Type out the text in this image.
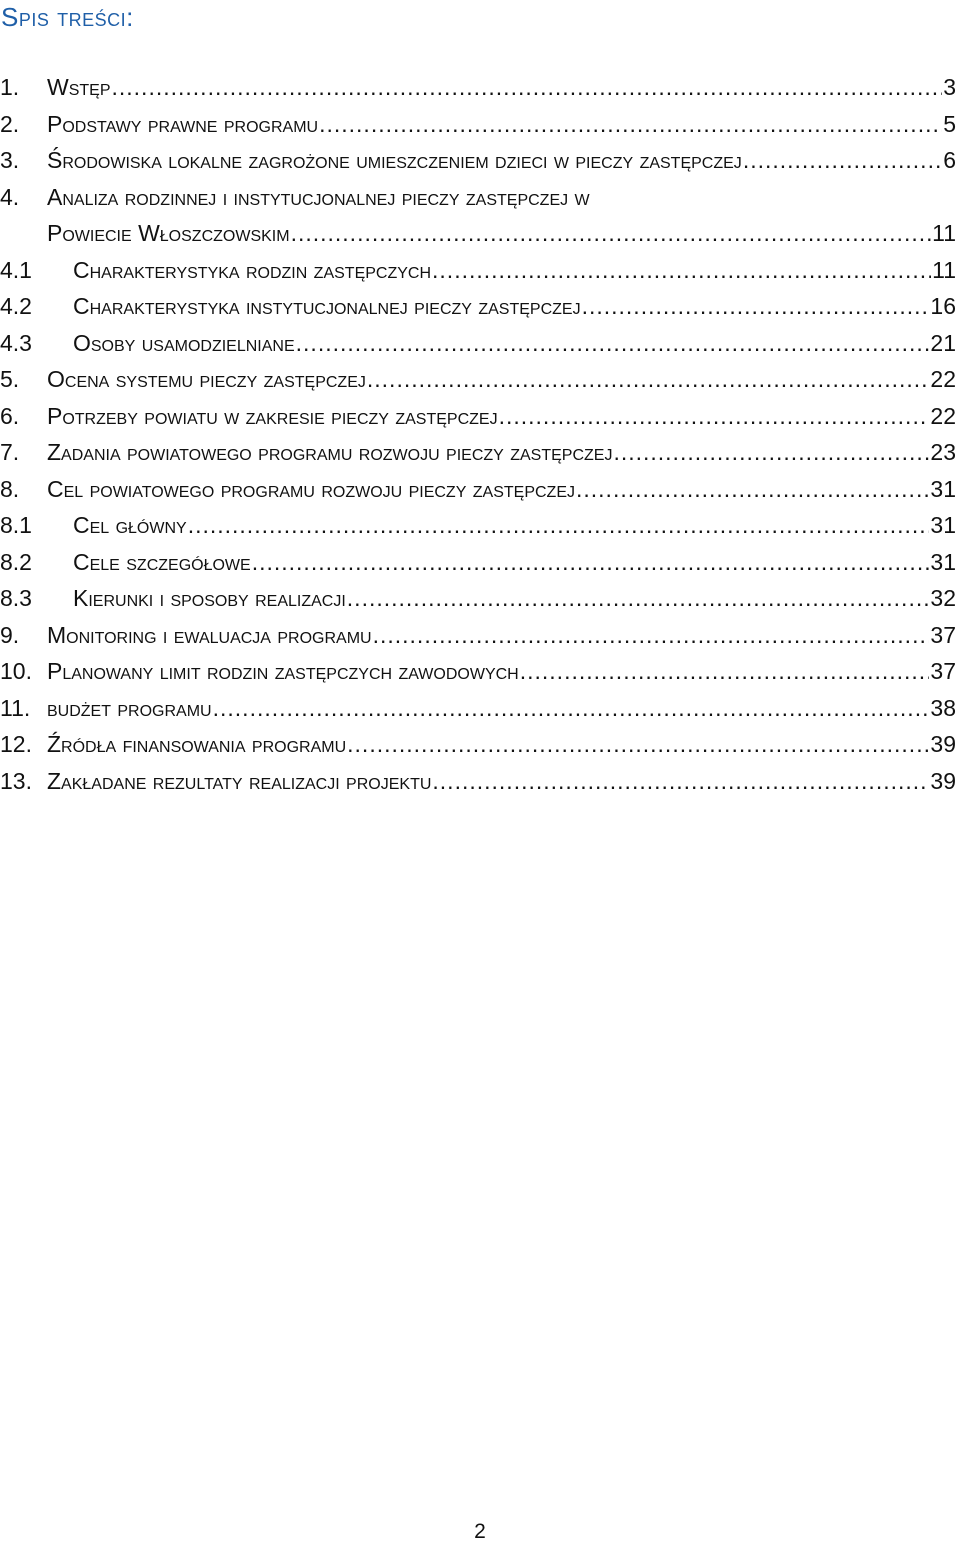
Spis treści:
1.	Wstęp .....	3
2.	Podstawy prawne programu .....	5
3.	Środowiska lokalne zagrożone umieszczeniem dzieci w pieczy zastępczej .....	6
4.	Analiza rodzinnej i instytucjonalnej pieczy zastępczej w
Powiecie Włoszczowskim .....	11
4.1	Charakterystyka rodzin zastępczych .....	11
4.2	Charakterystyka instytucjonalnej pieczy zastępczej .....	16
4.3	Osoby usamodzielniane .....	21
5.	Ocena systemu pieczy zastępczej .....	22
6.	Potrzeby powiatu w zakresie pieczy zastępczej .....	22
7.	Zadania powiatowego programu rozwoju pieczy zastępczej .....	23
8.	Cel powiatowego programu rozwoju pieczy zastępczej .....	31
8.1	Cel główny .....	31
8.2	Cele szczegółowe .....	31
8.3	Kierunki i sposoby realizacji .....	32
9.	Monitoring i ewaluacja programu .....	37
10. Planowany limit rodzin zastępczych zawodowych .....	37
11. budżet programu .....	38
12. Źródła finansowania programu .....	39
13. Zakładane rezultaty realizacji projektu .....	39
2
